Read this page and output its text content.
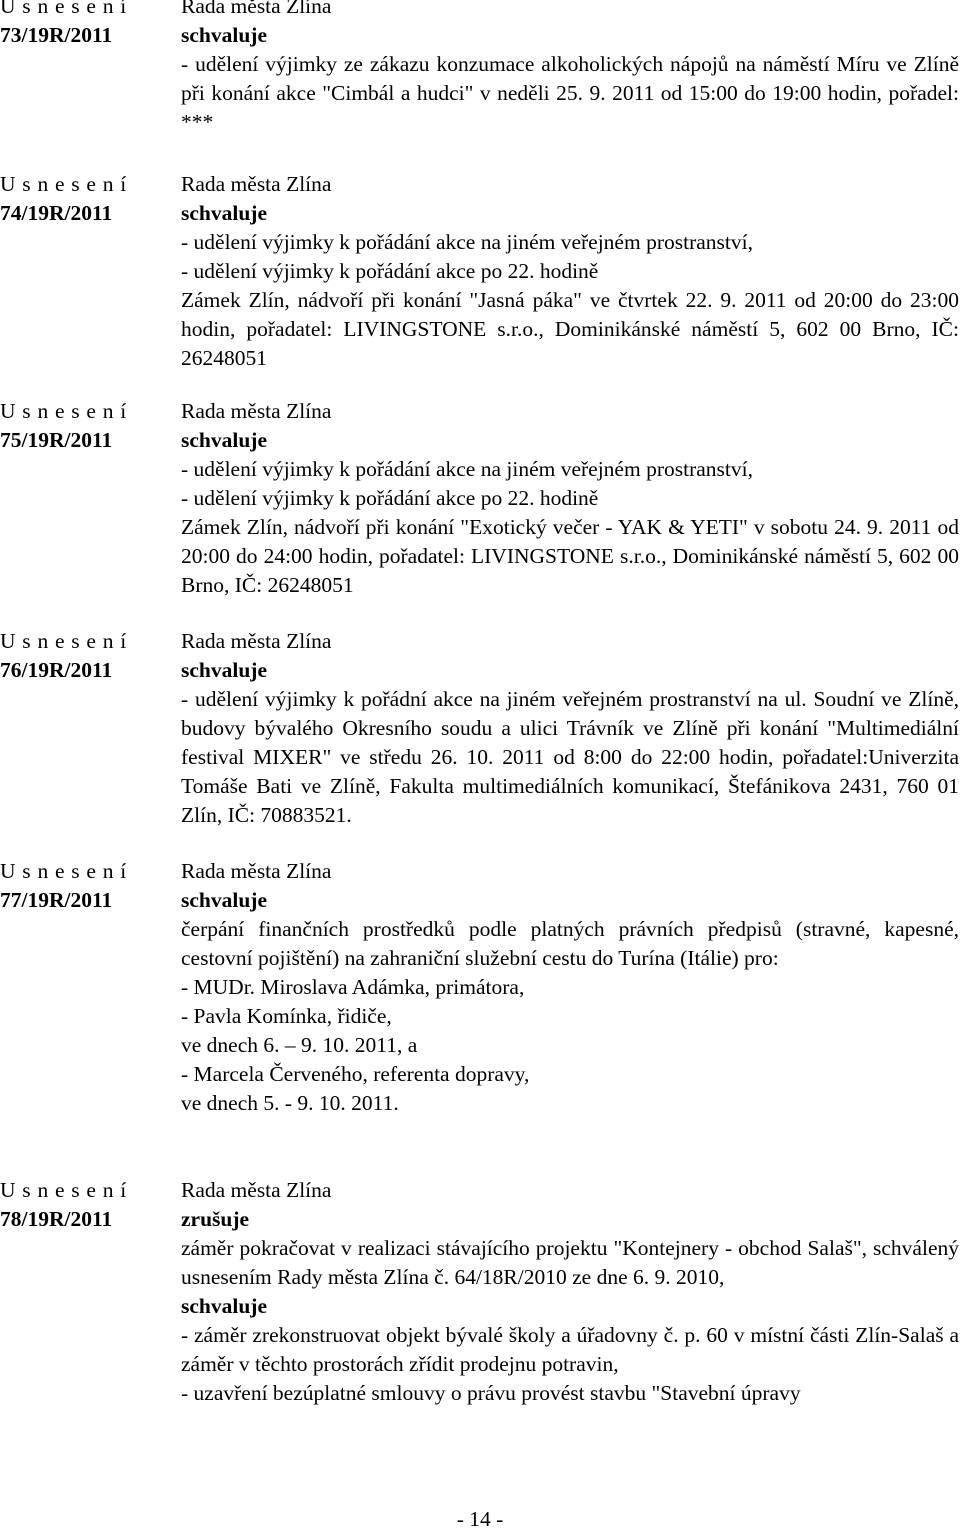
U s n e s e n í
73/19R/2011
Rada města Zlína
schvaluje

- udělení výjimky ze zákazu konzumace alkoholických nápojů na náměstí Míru ve Zlíně při konání akce "Cimbál a hudci" v neděli 25. 9. 2011 od 15:00 do 19:00 hodin, pořadel: ***

U s n e s e n í
74/19R/2011
Rada města Zlína
schvaluje
- udělení výjimky k pořádání akce na jiném veřejném prostranství,
- udělení výjimky k pořádání akce po 22. hodině

Zámek Zlín, nádvoří při konání "Jasná páka" ve čtvrtek 22. 9. 2011 od 20:00 do 23:00 hodin, pořadatel: LIVINGSTONE s.r.o., Dominikánské náměstí 5, 602 00 Brno, IČ: 26248051

U s n e s e n í
75/19R/2011
Rada města Zlína
schvaluje
- udělení výjimky k pořádání akce na jiném veřejném prostranství,
- udělení výjimky k pořádání akce po 22. hodině

Zámek Zlín, nádvoří při konání "Exotický večer - YAK & YETI" v sobotu 24. 9. 2011 od 20:00 do 24:00 hodin, pořadatel: LIVINGSTONE s.r.o., Dominikánské náměstí 5, 602 00 Brno, IČ: 26248051

U s n e s e n í
76/19R/2011
Rada města Zlína
schvaluje

- udělení výjimky k pořádní akce na jiném veřejném prostranství na ul. Soudní ve Zlíně, budovy bývalého Okresního soudu a ulici Trávník ve Zlíně při konání "Multimediální festival MIXER" ve středu 26. 10. 2011 od 8:00 do 22:00 hodin, pořadatel:Univerzita Tomáše Bati ve Zlíně, Fakulta multimediálních komunikací, Štefánikova 2431, 760 01 Zlín, IČ: 70883521.

U s n e s e n í
77/19R/2011
Rada města Zlína
schvaluje

čerpání finančních prostředků podle platných právních předpisů (stravné, kapesné, cestovní pojištění) na zahraniční služební cestu do Turína (Itálie) pro:

- MUDr. Miroslava Adámka, primátora,
- Pavla Komínka, řidiče,
ve dnech 6. – 9. 10. 2011, a
- Marcela Červeného, referenta dopravy,
ve dnech 5. - 9. 10. 2011.
U s n e s e n í
78/19R/2011
Rada města Zlína
zrušuje

záměr pokračovat v realizaci stávajícího projektu "Kontejnery - obchod Salaš", schválený usnesením Rady města Zlína č. 64/18R/2010 ze dne 6. 9. 2010,

schvaluje

- záměr zrekonstruovat objekt bývalé školy a úřadovny č. p. 60 v místní části Zlín-Salaš a záměr v těchto prostorách zřídit prodejnu potravin,

- uzavření bezúplatné smlouvy o právu provést stavbu "Stavební úpravy

- 14 -
